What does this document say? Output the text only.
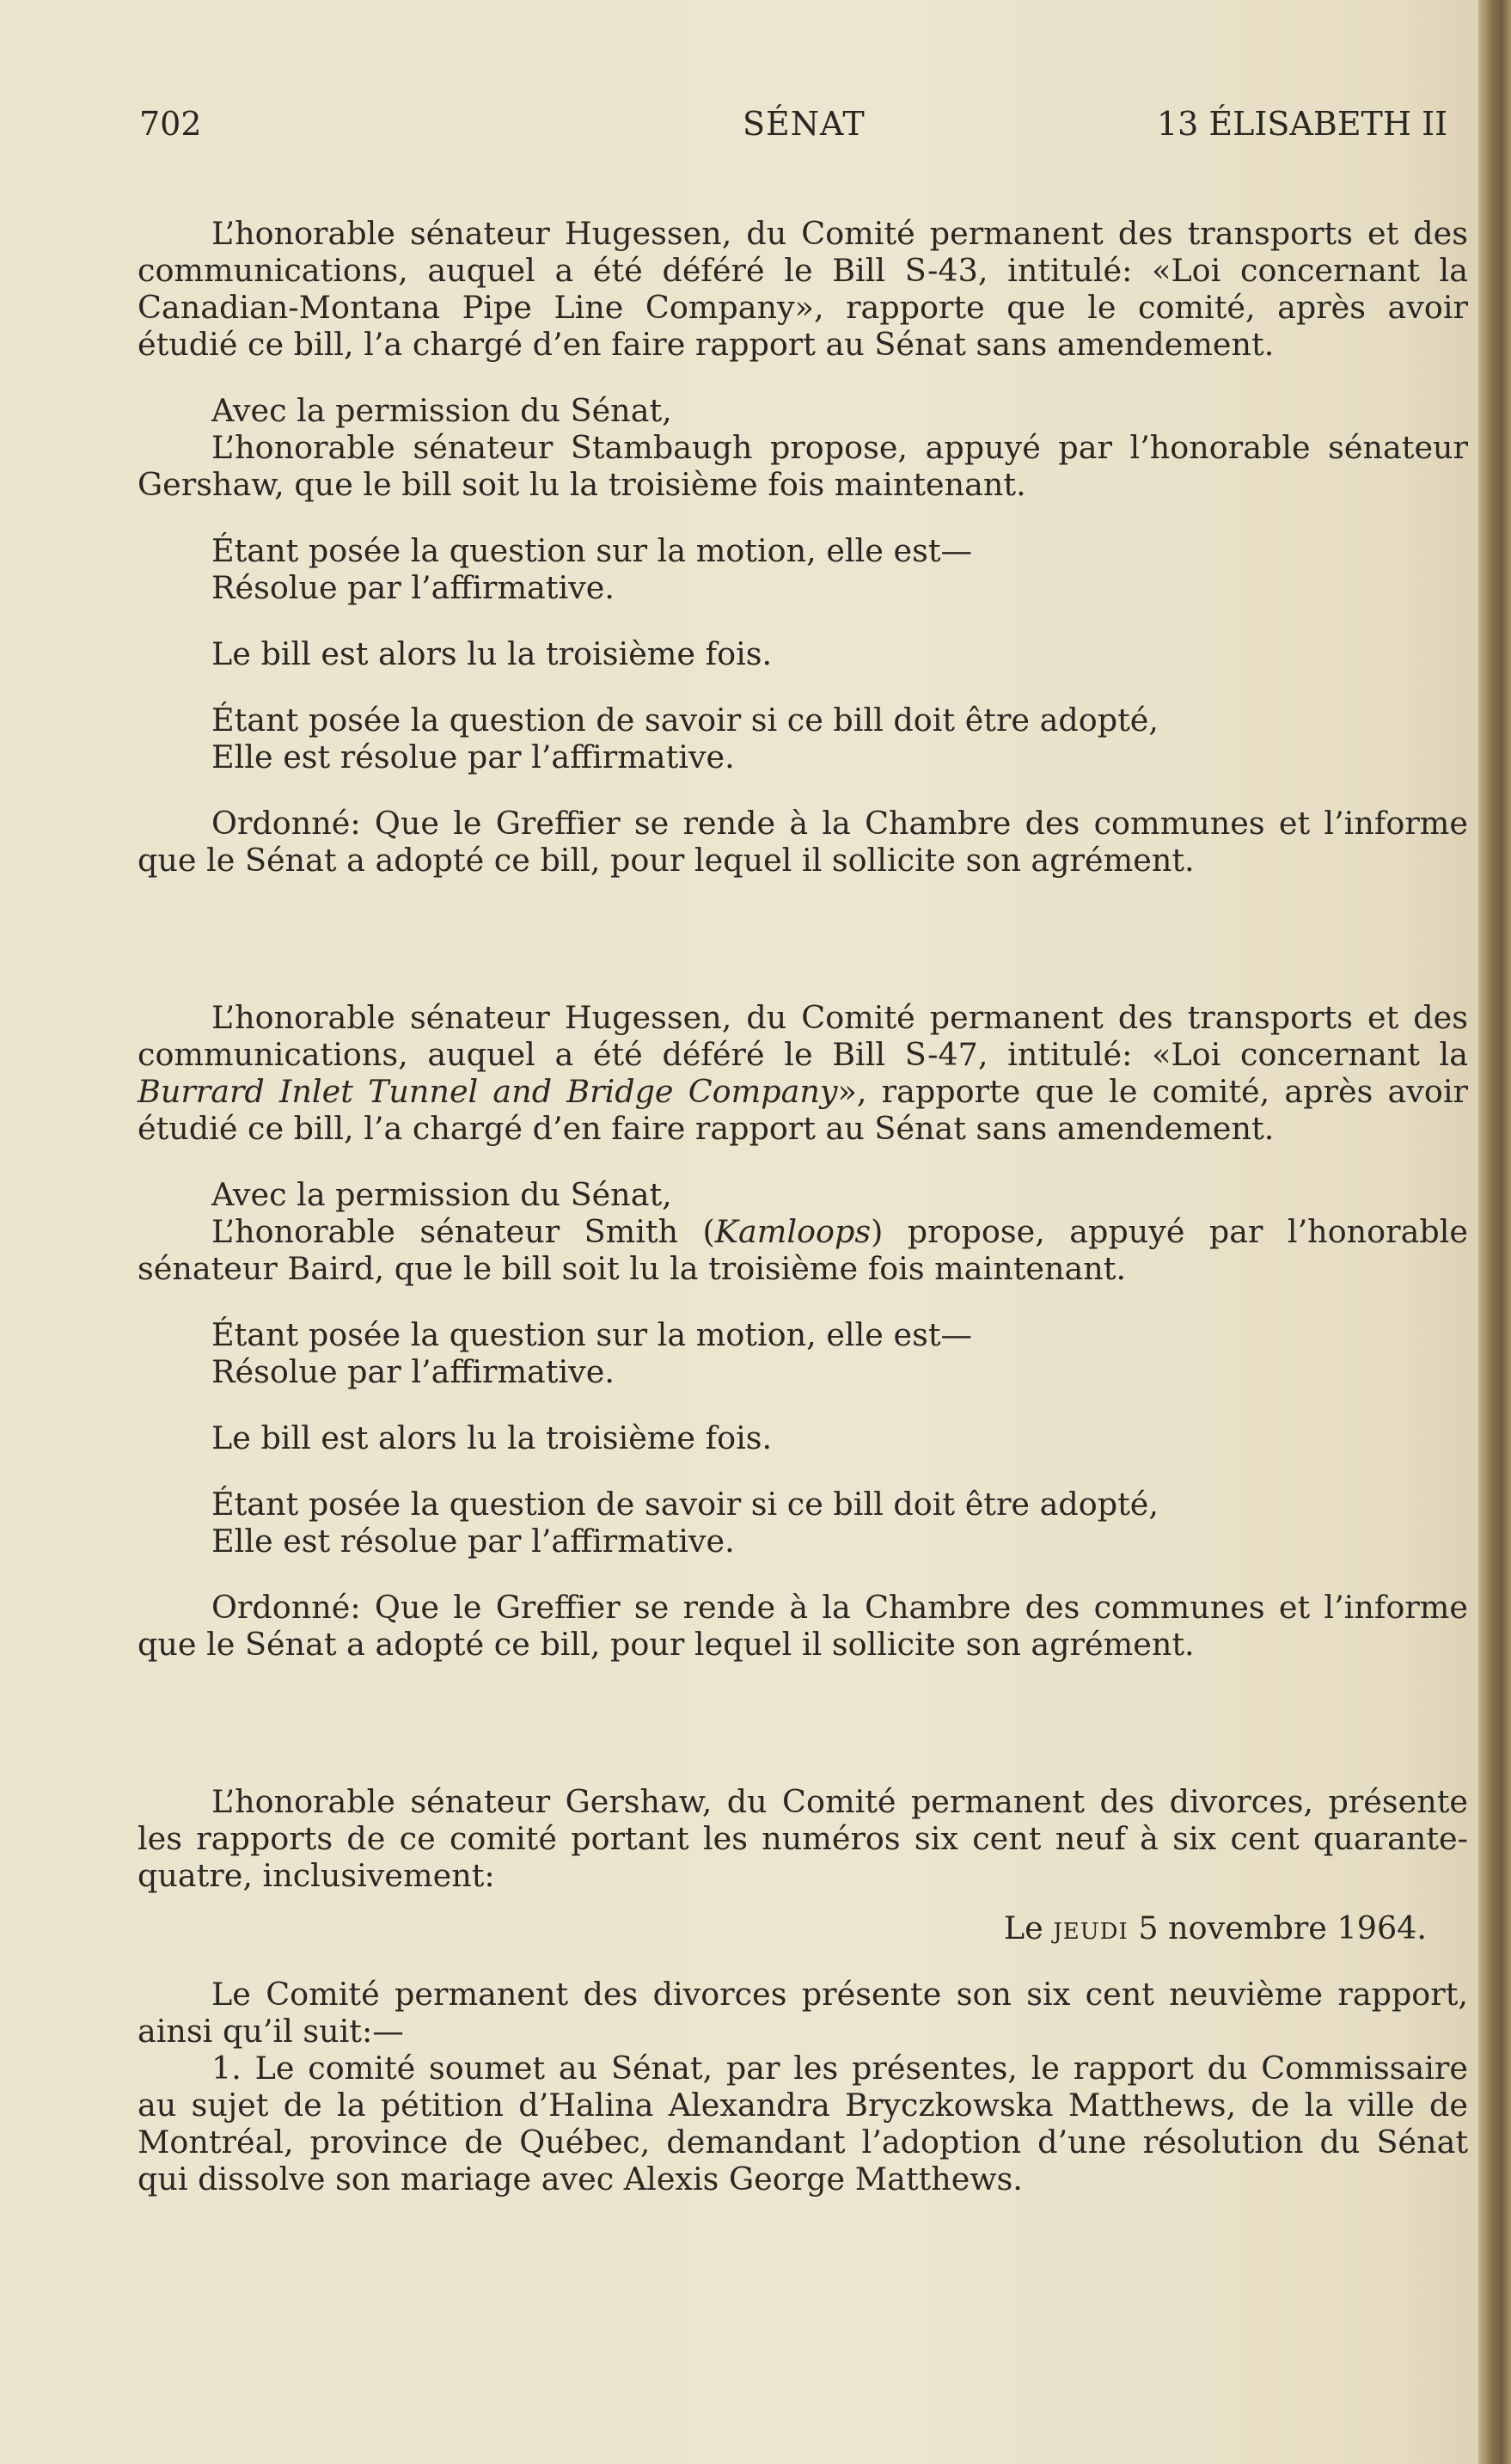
702	SÉNAT	13 ÉLISABETH II

L’honorable sénateur Hugessen, du Comité permanent des transports et des communications, auquel a été déféré le Bill S-43, intitulé: «Loi concernant la Canadian-Montana Pipe Line Company», rapporte que le comité, après avoir étudié ce bill, l’a chargé d’en faire rapport au Sénat sans amendement.

Avec la permission du Sénat,

L’honorable sénateur Stambaugh propose, appuyé par l’honorable sénateur Gershaw, que le bill soit lu la troisième fois maintenant.

Étant posée la question sur la motion, elle est—

Résolue par l’affirmative.

Le bill est alors lu la troisième fois.

Étant posée la question de savoir si ce bill doit être adopté,

Elle est résolue par l’affirmative.

Ordonné: Que le Greffier se rende à la Chambre des communes et l’informe que le Sénat a adopté ce bill, pour lequel il sollicite son agrément.

L’honorable sénateur Hugessen, du Comité permanent des transports et des communications, auquel a été déféré le Bill S-47, intitulé: «Loi concernant la Burrard Inlet Tunnel and Bridge Company», rapporte que le comité, après avoir étudié ce bill, l’a chargé d’en faire rapport au Sénat sans amendement.

Avec la permission du Sénat,

L’honorable sénateur Smith (Kamloops) propose, appuyé par l’honorable sénateur Baird, que le bill soit lu la troisième fois maintenant.

Étant posée la question sur la motion, elle est—

Résolue par l’affirmative.

Le bill est alors lu la troisième fois.

Étant posée la question de savoir si ce bill doit être adopté,

Elle est résolue par l’affirmative.

Ordonné: Que le Greffier se rende à la Chambre des communes et l’informe que le Sénat a adopté ce bill, pour lequel il sollicite son agrément.

L’honorable sénateur Gershaw, du Comité permanent des divorces, présente les rapports de ce comité portant les numéros six cent neuf à six cent quarante-quatre, inclusivement:

Le jeudi 5 novembre 1964.

Le Comité permanent des divorces présente son six cent neuvième rapport, ainsi qu’il suit:—

1. Le comité soumet au Sénat, par les présentes, le rapport du Commissaire au sujet de la pétition d’Halina Alexandra Bryczkowska Matthews, de la ville de Montréal, province de Québec, demandant l’adoption d’une résolution du Sénat qui dissolve son mariage avec Alexis George Matthews.
